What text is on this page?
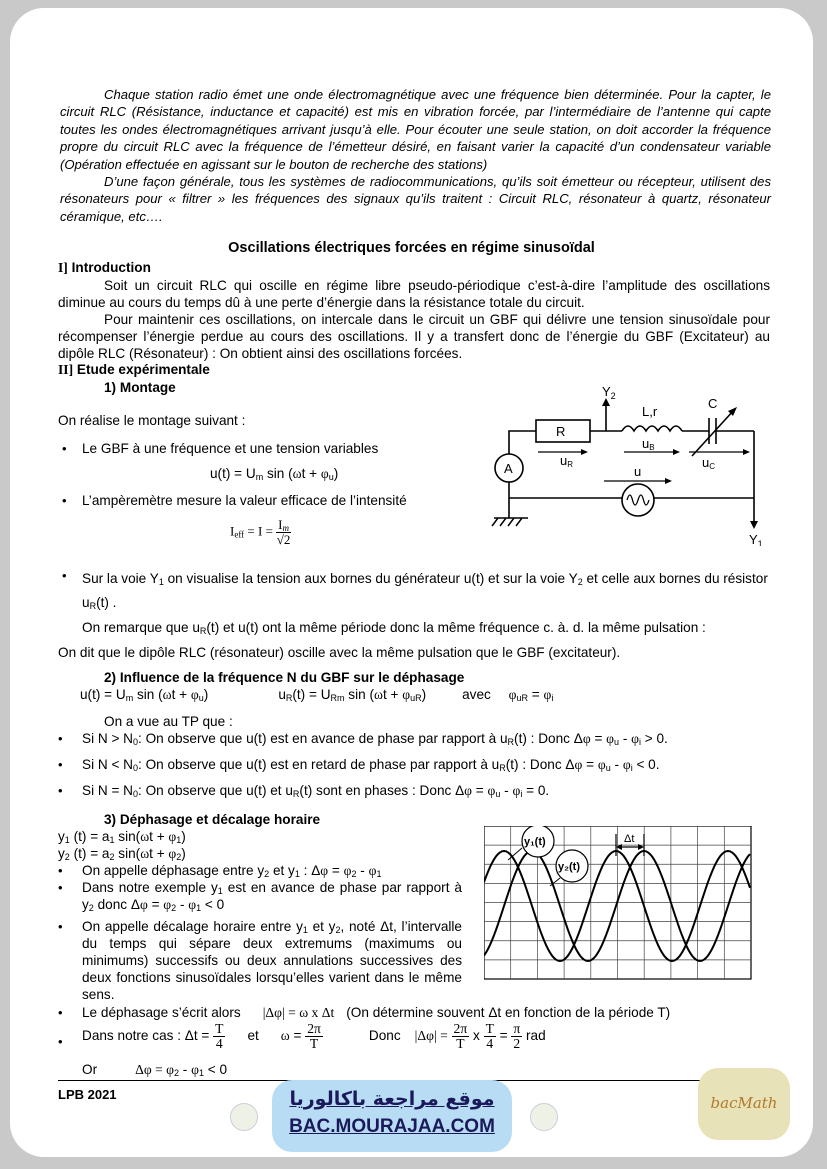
Chaque station radio émet une onde électromagnétique avec une fréquence bien déterminée. Pour la capter, le circuit RLC (Résistance, inductance et capacité) est mis en vibration forcée, par l’intermédiaire de l’antenne qui capte toutes les ondes électromagnétiques arrivant jusqu’à elle. Pour écouter une seule station, on doit accorder la fréquence propre du circuit RLC avec la fréquence de l’émetteur désiré, en faisant varier la capacité d’un condensateur variable (Opération effectuée en agissant sur le bouton de recherche des stations)
D’une façon générale, tous les systèmes de radiocommunications, qu’ils soit émetteur ou récepteur, utilisent des résonateurs pour « filtrer » les fréquences des signaux qu’ils traitent : Circuit RLC, résonateur à quartz, résonateur céramique, etc….
Oscillations électriques forcées en régime sinusoïdal
I] Introduction
Soit un circuit RLC qui oscille en régime libre pseudo-périodique c’est-à-dire l’amplitude des oscillations diminue au cours du temps dû à une perte d’énergie dans la résistance totale du circuit.
Pour maintenir ces oscillations, on intercale dans le circuit un GBF qui délivre une tension sinusoïdale pour récompenser l’énergie perdue au cours des oscillations. Il y a transfert donc de l’énergie du GBF (Excitateur) au dipôle RLC (Résonateur) : On obtient ainsi des oscillations forcées.
II] Etude expérimentale
1) Montage
On réalise le montage suivant :
• Le GBF à une fréquence et une tension variables
$u(t) = U_m$ $\sin (\omega t + \varphi_u)$
• L’ampèremètre mesure la valeur efficace de l’intensité
$I_{eff} = I = \frac{I_m}{√2}$
• Sur la voie $Y_1$ on visualise la tension aux bornes du générateur u(t) et sur la voie $Y_2$ et celle aux bornes du résistor $u_R(t)$ .
On remarque que $u_R(t)$ et u(t) ont la même période donc la même fréquence c. à. d. la même pulsation :
On dit que le dipôle RLC (résonateur) oscille avec la même pulsation que le GBF (excitateur).
2) Influence de la fréquence N du GBF sur le déphasage
$u(t) = U_m$ $\sin (\omega t + \varphi_u)$	$u_R(t) = U_{Rm}$ $\sin (\omega t + \varphi_{uR})$	avec $\varphi_{uR} = \varphi_i$
On a vue au TP que :
• Si $N > N_0$: On observe que u(t) est en avance de phase par rapport à $u_R(t)$ : Donc $\Delta\varphi = \varphi_u - \varphi_i > 0$.
• Si $N < N_0$: On observe que u(t) est en retard de phase par rapport à $u_R(t)$ : Donc $\Delta\varphi = \varphi_u - \varphi_i < 0$.
• Si $N = N_0$: On observe que u(t) et $u_R(t)$ sont en phases : Donc $\Delta\varphi = \varphi_u - \varphi_i = 0$.
3) Déphasage et décalage horaire
$y_1$ $(t) = a_1$ $\sin(\omega t + \varphi_1)$
$y_2$ $(t) = a_2$ $\sin(\omega t + \varphi_2)$
• On appelle déphasage entre $y_2$ et $y_1$ : $\Delta\varphi = \varphi_2 - \varphi_1$
• Dans notre exemple $y_1$ est en avance de phase par rapport à $y_2$ donc $\Delta\varphi = \varphi_2 - \varphi_1 < 0$
• On appelle décalage horaire entre $y_1$ et $y_2$, noté Δt, l’intervalle du temps qui sépare deux extremums (maximums ou minimums) successifs ou deux annulations successives des deux fonctions sinusoïdales lorsqu’elles varient dans le même sens.
• Le déphasage s’écrit alors |Δφ| = ω x Δt (On détermine souvent Δt en fonction de la période T)
• Dans notre cas : $\Delta t = \frac{T}{4}$ et $\omega = \frac{2\pi}{T}$	Donc $|\Delta\varphi| = \frac{2\pi}{T}$ x $\frac{T}{4} = \frac{\pi}{2}$ rad
Or	$\Delta\varphi = \varphi_2 - \varphi_1 < 0$
$Y_2$
R
L,r
C
A
uR
uB
uC
u
$Y_1$
Δt
y₁(t)
y₂(t)
LPB 2021	bacMath
موقع مراجعة باكالوريا
BAC.MOURAJAA.COM
